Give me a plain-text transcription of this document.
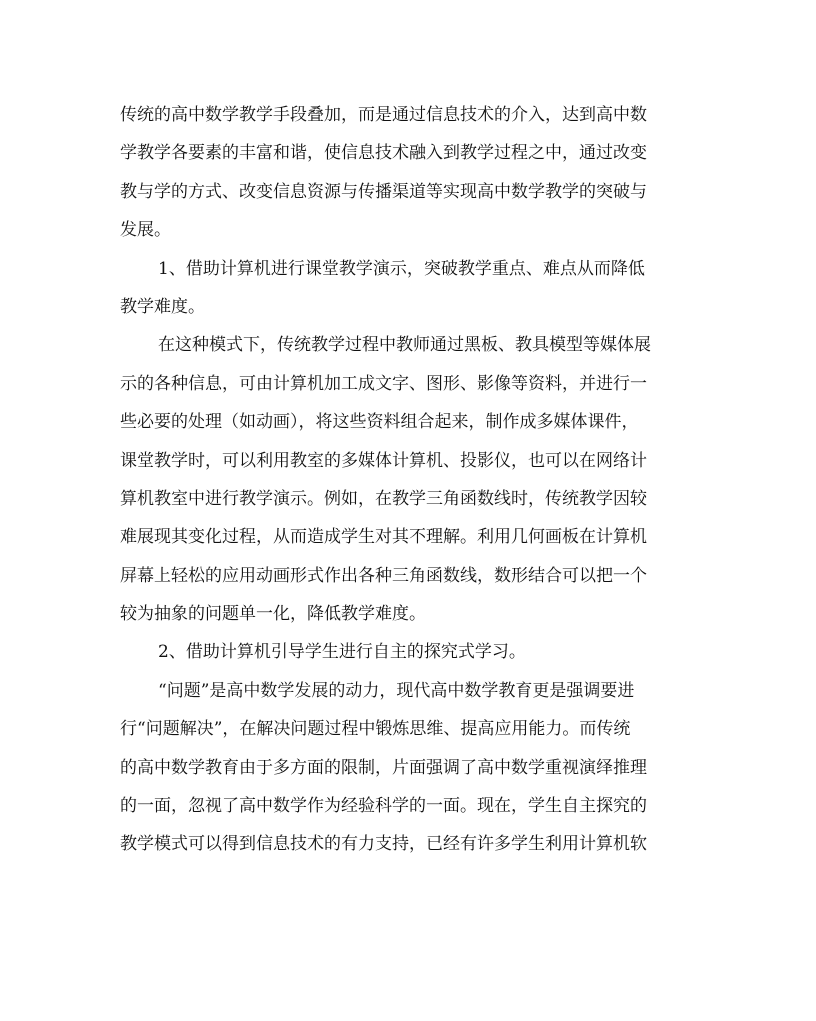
传统的高中数学教学手段叠加，而是通过信息技术的介入，达到高中数
学教学各要素的丰富和谐，使信息技术融入到教学过程之中，通过改变
教与学的方式、改变信息资源与传播渠道等实现高中数学教学的突破与
发展。
1、借助计算机进行课堂教学演示，突破教学重点、难点从而降低
教学难度。
在这种模式下，传统教学过程中教师通过黑板、教具模型等媒体展
示的各种信息，可由计算机加工成文字、图形、影像等资料，并进行一
些必要的处理（如动画），将这些资料组合起来，制作成多媒体课件，
课堂教学时，可以利用教室的多媒体计算机、投影仪，也可以在网络计
算机教室中进行教学演示。例如，在教学三角函数线时，传统教学因较
难展现其变化过程，从而造成学生对其不理解。利用几何画板在计算机
屏幕上轻松的应用动画形式作出各种三角函数线，数形结合可以把一个
较为抽象的问题单一化，降低教学难度。
2、借助计算机引导学生进行自主的探究式学习。
“问题”是高中数学发展的动力，现代高中数学教育更是强调要进
行“问题解决”，在解决问题过程中锻炼思维、提高应用能力。而传统
的高中数学教育由于多方面的限制，片面强调了高中数学重视演绎推理
的一面，忽视了高中数学作为经验科学的一面。现在，学生自主探究的
教学模式可以得到信息技术的有力支持，已经有许多学生利用计算机软
